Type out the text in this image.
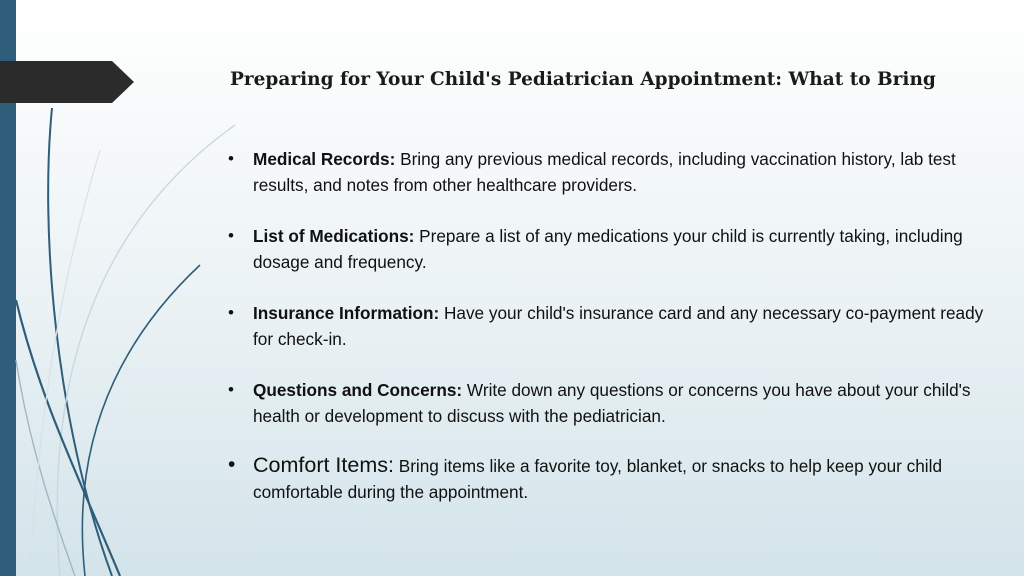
Preparing for Your Child's Pediatrician Appointment: What to Bring
• Medical Records: Bring any previous medical records, including vaccination history, lab test results, and notes from other healthcare providers.
• List of Medications: Prepare a list of any medications your child is currently taking, including dosage and frequency.
• Insurance Information: Have your child's insurance card and any necessary co-payment ready for check-in.
• Questions and Concerns: Write down any questions or concerns you have about your child's health or development to discuss with the pediatrician.
• Comfort Items: Bring items like a favorite toy, blanket, or snacks to help keep your child comfortable during the appointment.
